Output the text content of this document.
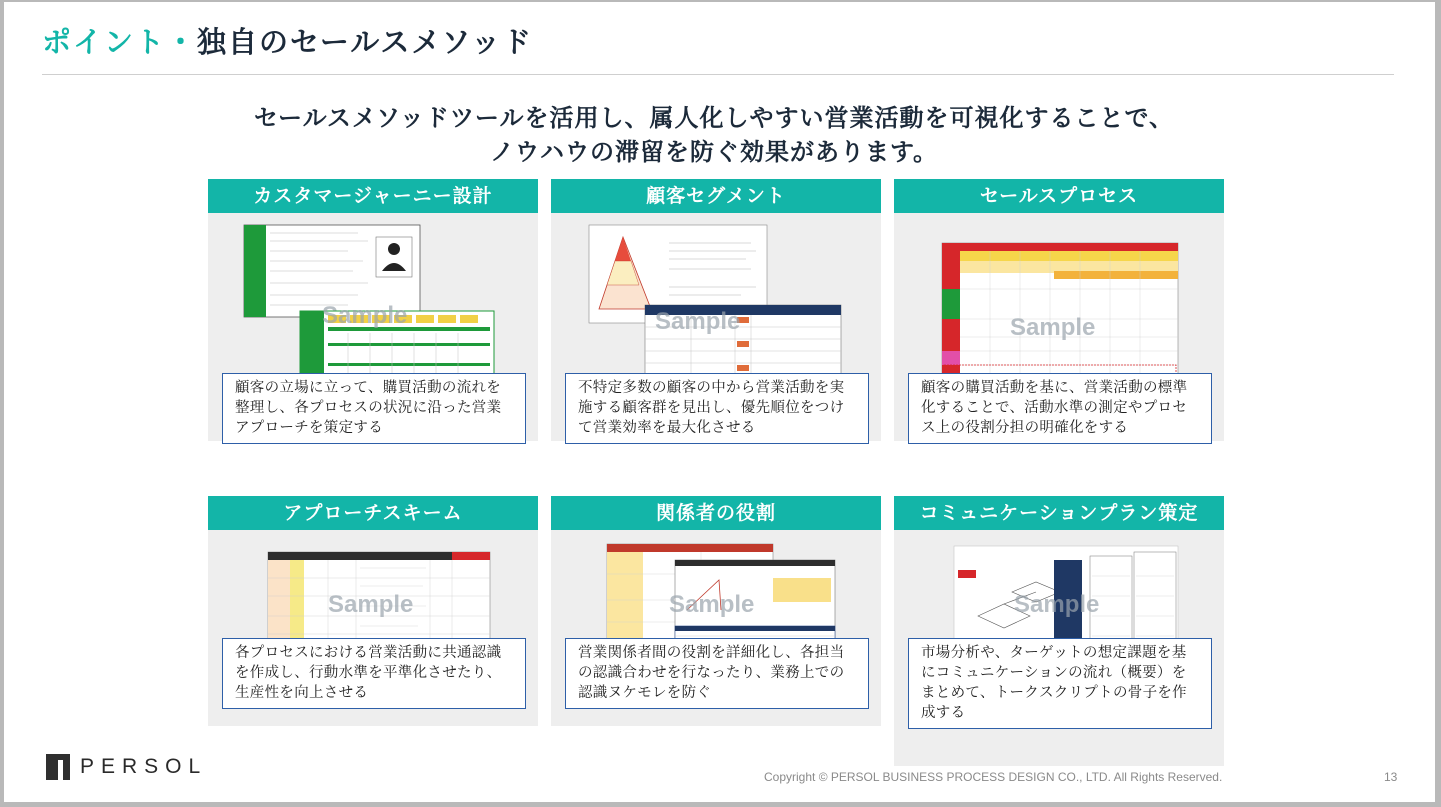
ポイント・独自のセールスメソッド
セールスメソッドツールを活用し、属人化しやすい営業活動を可視化することで、
ノウハウの滞留を防ぐ効果があります。
カスタマージャーニー設計
Sample
顧客の立場に立って、購買活動の流れを整理し、各プロセスの状況に沿った営業アプローチを策定する
顧客セグメント
Sample
不特定多数の顧客の中から営業活動を実施する顧客群を見出し、優先順位をつけて営業効率を最大化させる
セールスプロセス
Sample
顧客の購買活動を基に、営業活動の標準化することで、活動水準の測定やプロセス上の役割分担の明確化をする
アプローチスキーム
Sample
各プロセスにおける営業活動に共通認識を作成し、行動水準を平準化させたり、生産性を向上させる
関係者の役割
Sample
営業関係者間の役割を詳細化し、各担当の認識合わせを行なったり、業務上での認識ヌケモレを防ぐ
コミュニケーションプラン策定
Sample
市場分析や、ターゲットの想定課題を基にコミュニケーションの流れ（概要）をまとめて、トークスクリプトの骨子を作成する
PERSOL	Copyright © PERSOL BUSINESS PROCESS DESIGN CO., LTD. All Rights Reserved.	13
